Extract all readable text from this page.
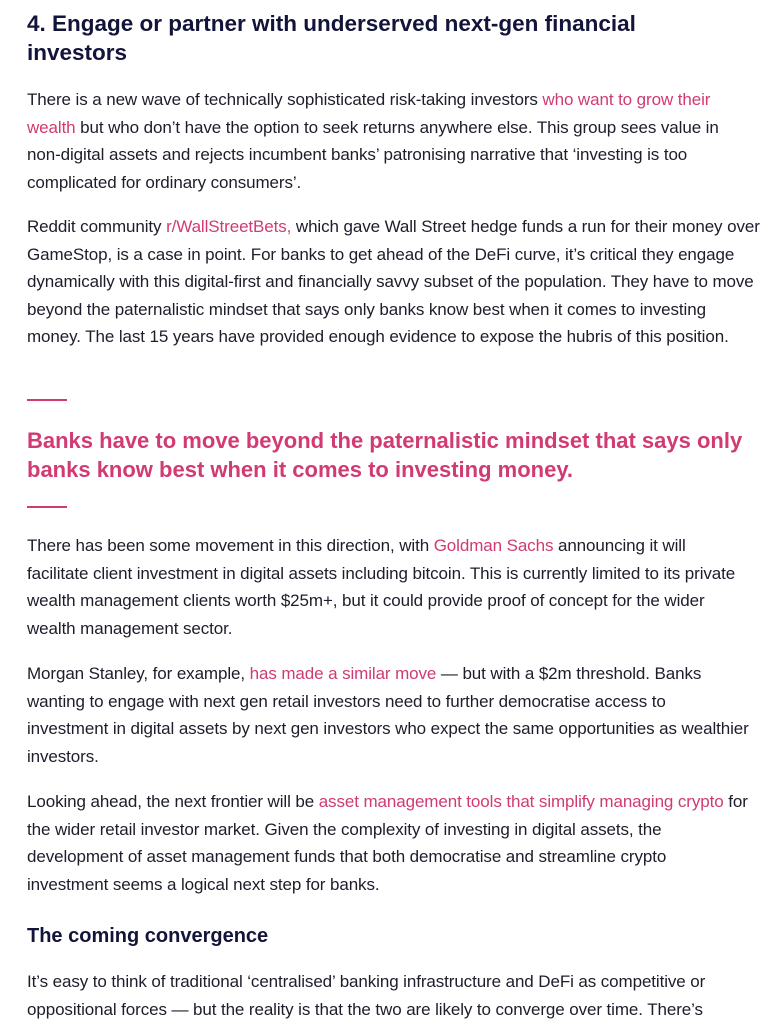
4. Engage or partner with underserved next-gen financial investors

There is a new wave of technically sophisticated risk-taking investors who want to grow their wealth but who don’t have the option to seek returns anywhere else. This group sees value in non-digital assets and rejects incumbent banks’ patronising narrative that ‘investing is too complicated for ordinary consumers’.

Reddit community r/WallStreetBets, which gave Wall Street hedge funds a run for their money over GameStop, is a case in point. For banks to get ahead of the DeFi curve, it’s critical they engage dynamically with this digital-first and financially savvy subset of the population. They have to move beyond the paternalistic mindset that says only banks know best when it comes to investing money. The last 15 years have provided enough evidence to expose the hubris of this position.

Banks have to move beyond the paternalistic mindset that says only banks know best when it comes to investing money.

There has been some movement in this direction, with Goldman Sachs announcing it will facilitate client investment in digital assets including bitcoin. This is currently limited to its private wealth management clients worth $25m+, but it could provide proof of concept for the wider wealth management sector.

Morgan Stanley, for example, has made a similar move — but with a $2m threshold. Banks wanting to engage with next gen retail investors need to further democratise access to investment in digital assets by next gen investors who expect the same opportunities as wealthier investors.

Looking ahead, the next frontier will be asset management tools that simplify managing crypto for the wider retail investor market. Given the complexity of investing in digital assets, the development of asset management funds that both democratise and streamline crypto investment seems a logical next step for banks.

The coming convergence

It’s easy to think of traditional ‘centralised’ banking infrastructure and DeFi as competitive or oppositional forces — but the reality is that the two are likely to converge over time. There’s
